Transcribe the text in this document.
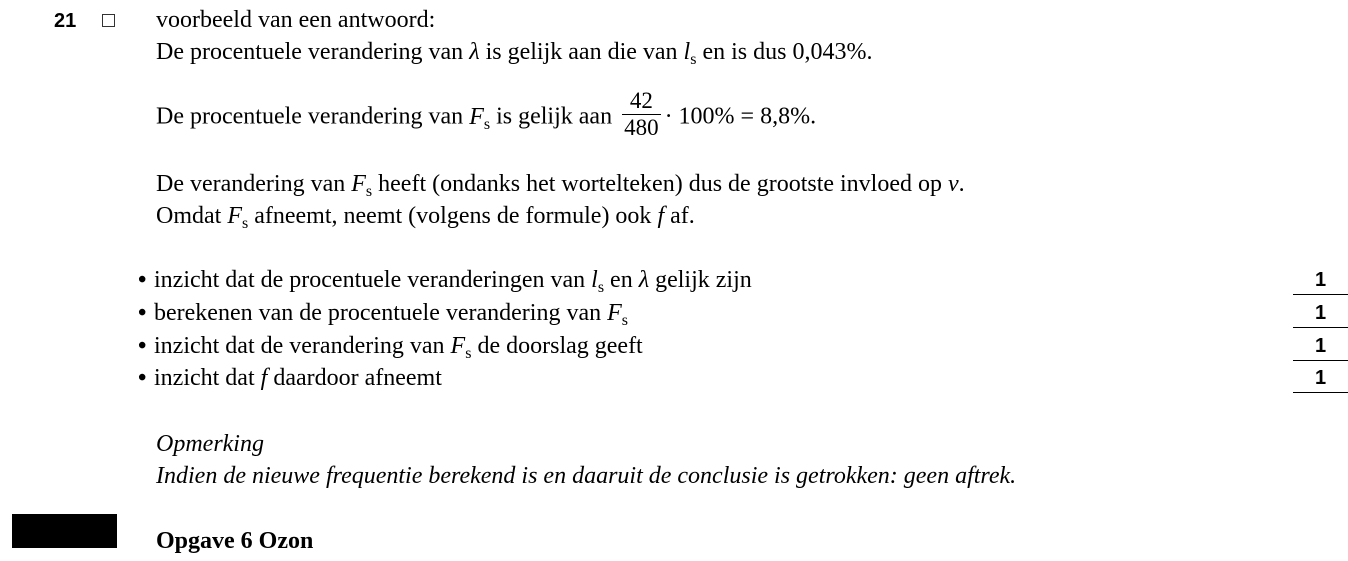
21	voorbeeld van een antwoord:
De procentuele verandering van λ is gelijk aan die van $l_s$ en is dus 0,043%.
De procentuele verandering van $F_s$ is gelijk aan $\frac{42}{480} \cdot 100\% = 8,8\%$.
De verandering van $F_s$ heeft (ondanks het wortelteken) dus de grootste invloed op v.
Omdat $F_s$ afneemt, neemt (volgens de formule) ook f af.
• inzicht dat de procentuele veranderingen van $l_s$ en λ gelijk zijn
• berekenen van de procentuele verandering van $F_s$
• inzicht dat de verandering van $F_s$ de doorslag geeft
• inzicht dat f daardoor afneemt
1
1
1
1
Opmerking
Indien de nieuwe frequentie berekend is en daaruit de conclusie is getrokken: geen aftrek.
Opgave 6 Ozon
